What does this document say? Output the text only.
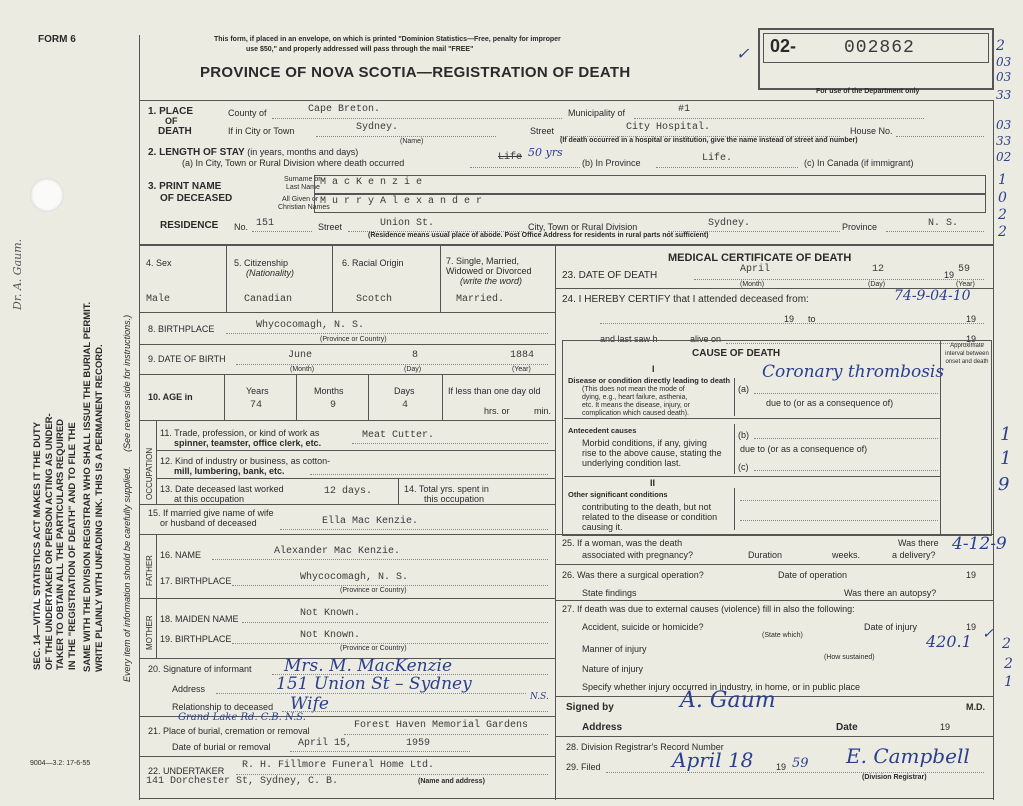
FORM 6
9004—3.2: 17-6-55
SEC. 14—VITAL STATISTICS ACT MAKES IT THE DUTY OF THE UNDERTAKER OR PERSON ACTING AS UNDER- TAKER TO OBTAIN ALL THE PARTICULARS REQUIRED IN THE "REGISTRATION OF DEATH" AND TO FILE THE SAME WITH THE DIVISION REGISTRAR WHO SHALL ISSUE THE BURIAL PERMIT. WRITE PLAINLY WITH UNFADING INK. THIS IS A PERMANENT RECORD. Every item of information should be carefully supplied. (See reverse side for instructions.)
Dr. A. Gaum.
This form, if placed in an envelope, on which is printed "Dominion Statistics—Free, penalty for improper
use $50," and properly addressed will pass through the mail "FREE"
PROVINCE OF NOVA SCOTIA—REGISTRATION OF DEATH
02-	002862
For use of the Department only
✓	2
03
03
33
03
33
02
1
0
2
2
1. PLACE
OF
DEATH
County of	Cape Breton.	Municipality of	#1
If in City or Town	Sydney.
(Name)
Street	City Hospital.	House No.
(If death occurred in a hospital or institution, give the name instead of street and number)
2. LENGTH OF STAY (in years, months and days)
(a) In City, Town or Rural Division where death occurred	Life 50 yrs
(b) In Province	Life.	(c) In Canada (if immigrant)
3. PRINT NAME
OF DECEASED
Surname or
Last Name
All Given or
Christian Names
M a c K e n z i e
M u r r y A l e x a n d e r
RESIDENCE No. 151	Street	Union St.	City, Town or Rural Division	Sydney.	Province	N. S.
(Residence means usual place of abode. Post Office Address for residents in rural parts not sufficient)
4. Sex	5. Citizenship
(Nationality)
6. Racial Origin	7. Single, Married,
Widowed or Divorced
(write the word)
Male	Canadian	Scotch	Married.
8. BIRTHPLACE	Whycocomagh, N. S.
(Province or Country)
9. DATE OF BIRTH	June	8	1884
(Month)	(Day)	(Year)
10. AGE in
Years	Months	Days
74	9	4
If less than one day old
hrs. or	min.
OCCUPATION
11. Trade, profession, or kind of work as
spinner, teamster, office clerk, etc.
Meat Cutter.
12. Kind of industry or business, as cotton-
mill, lumbering, bank, etc.
13. Date deceased last worked
at this occupation
12 days.	14. Total yrs. spent in
this occupation
15. If married give name of wife
or husband of deceased	Ella Mac Kenzie.
FATHER
16. NAME	Alexander Mac Kenzie.
17. BIRTHPLACE	Whycocomagh, N. S.
(Province or Country)
MOTHER 18. MAIDEN NAME	Not Known.
19. BIRTHPLACE	Not Known.
(Province or Country)
20. Signature of informant Mrs. M. MacKenzie
Address	151 Union St – Sydney
N.S.
Relationship to deceased Wife
Grand Lake Rd. C.B. N.S.
21. Place of burial, cremation or removal	Forest Haven Memorial Gardens
Date of burial or removal	April 15,	1959
22. UNDERTAKER R. H. Fillmore Funeral Home Ltd.
141 Dorchester St, Sydney, C. B.	(Name and address)
MEDICAL CERTIFICATE OF DEATH
23. DATE OF DEATH
April	12	19 59
(Month)	(Day)	(Year)
24. I HEREBY CERTIFY that I attended deceased from:	74-9-04-10
19 to	19
and last saw h	alive on	19
CAUSE OF DEATH
Approximate interval between onset and death
I
Disease or condition directly leading to death
(This does not mean the mode of
dying, e.g., heart failure, asthenia,
etc. It means the disease, injury, or
complication which caused death).
(a)
Coronary thrombosis
due to (or as a consequence of)
Antecedent causes
Morbid conditions, if any, giving
rise to the above cause, stating the
underlying condition last.
(b)
due to (or as a consequence of)
(c)
II
Other significant conditions
contributing to the death, but not
related to the disease or condition
causing it.
1
1
9
2
2
1
25. If a woman, was the death
associated with pregnancy?	Duration	weeks.
Was there
a delivery?
4-12-9
26. Was there a surgical operation?	Date of operation	19
State findings	Was there an autopsy?
27. If death was due to external causes (violence) fill in also the following:
Accident, suicide or homicide?	Date of injury	19
(State which)
Manner of injury	420.1 ✓
(How sustained)
Nature of injury
Specify whether injury occurred in industry, in home, or in public place
Signed by	A. Gaum	M.D.
Address	Date	19
28. Division Registrar's Record Number
29. Filed	April 18	19 59 E. Campbell
(Division Registrar)
